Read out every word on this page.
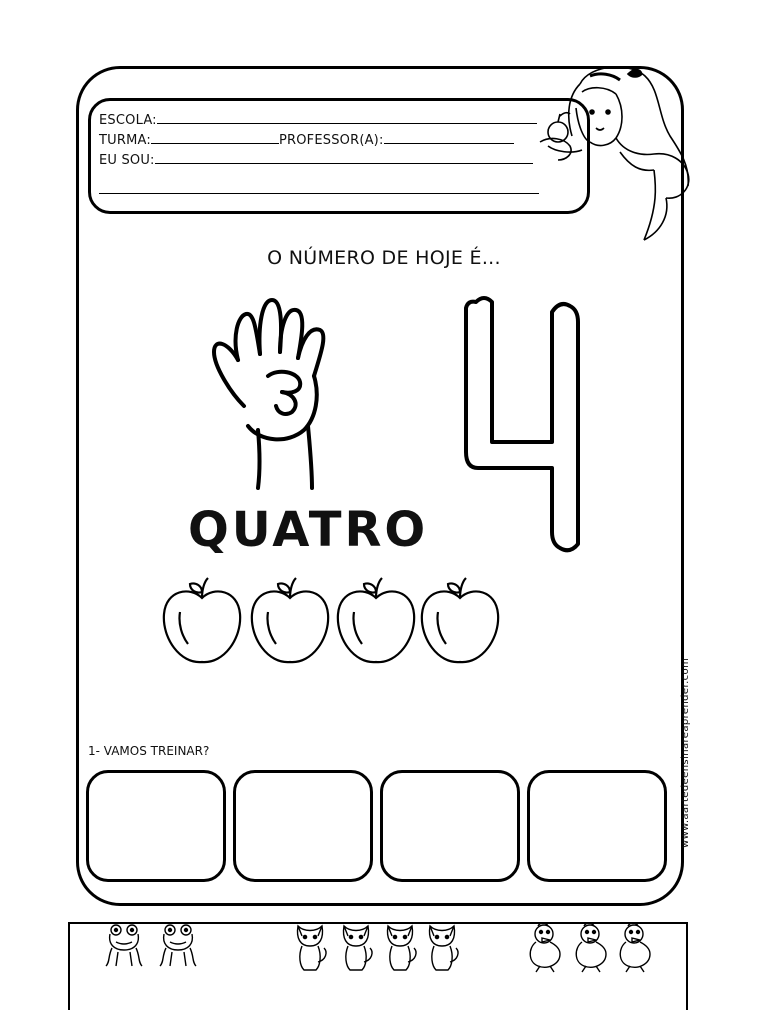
ESCOLA:
TURMA:	PROFESSOR(A):
EU SOU:
O NÚMERO DE HOJE É...
QUATRO
1- VAMOS TREINAR?	www.aartedeensinareaprender.com
